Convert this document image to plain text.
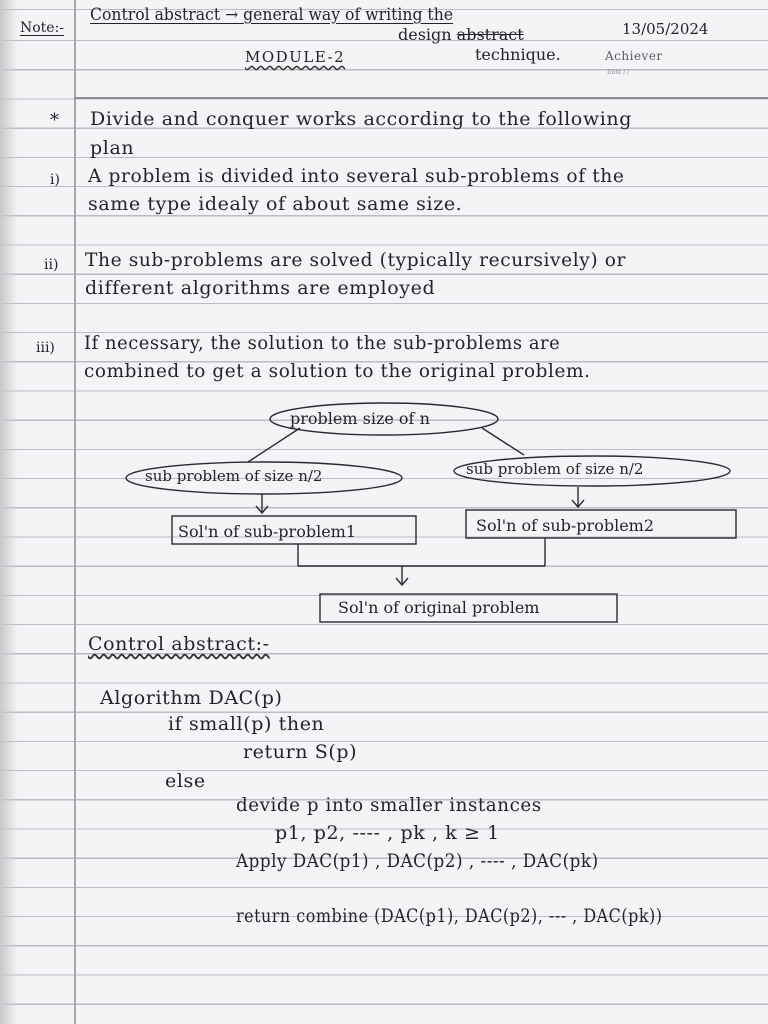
Note:-
Control abstract → general way of writing the
design abstract
technique.
13/05/2024
Achiever
Date / /
MODULE-2
* Divide and conquer works according to the following
plan
i) A problem is divided into several sub-problems of the
same type idealy of about same size.
ii) The sub-problems are solved (typically recursively) or
different algorithms are employed
iii) If necessary, the solution to the sub-problems are
combined to get a solution to the original problem.
problem size of n
sub problem of size n/2	sub problem of size n/2
Sol'n of sub-problem1	Sol'n of sub-problem2
Sol'n of original problem
Control abstract:-
Algorithm DAC(p)
if small(p) then
return S(p)
else
devide p into smaller instances
p1, p2, ---- , pk , k ≥ 1
Apply DAC(p1) , DAC(p2) , ---- , DAC(pk)
return combine (DAC(p1), DAC(p2), --- , DAC(pk))
